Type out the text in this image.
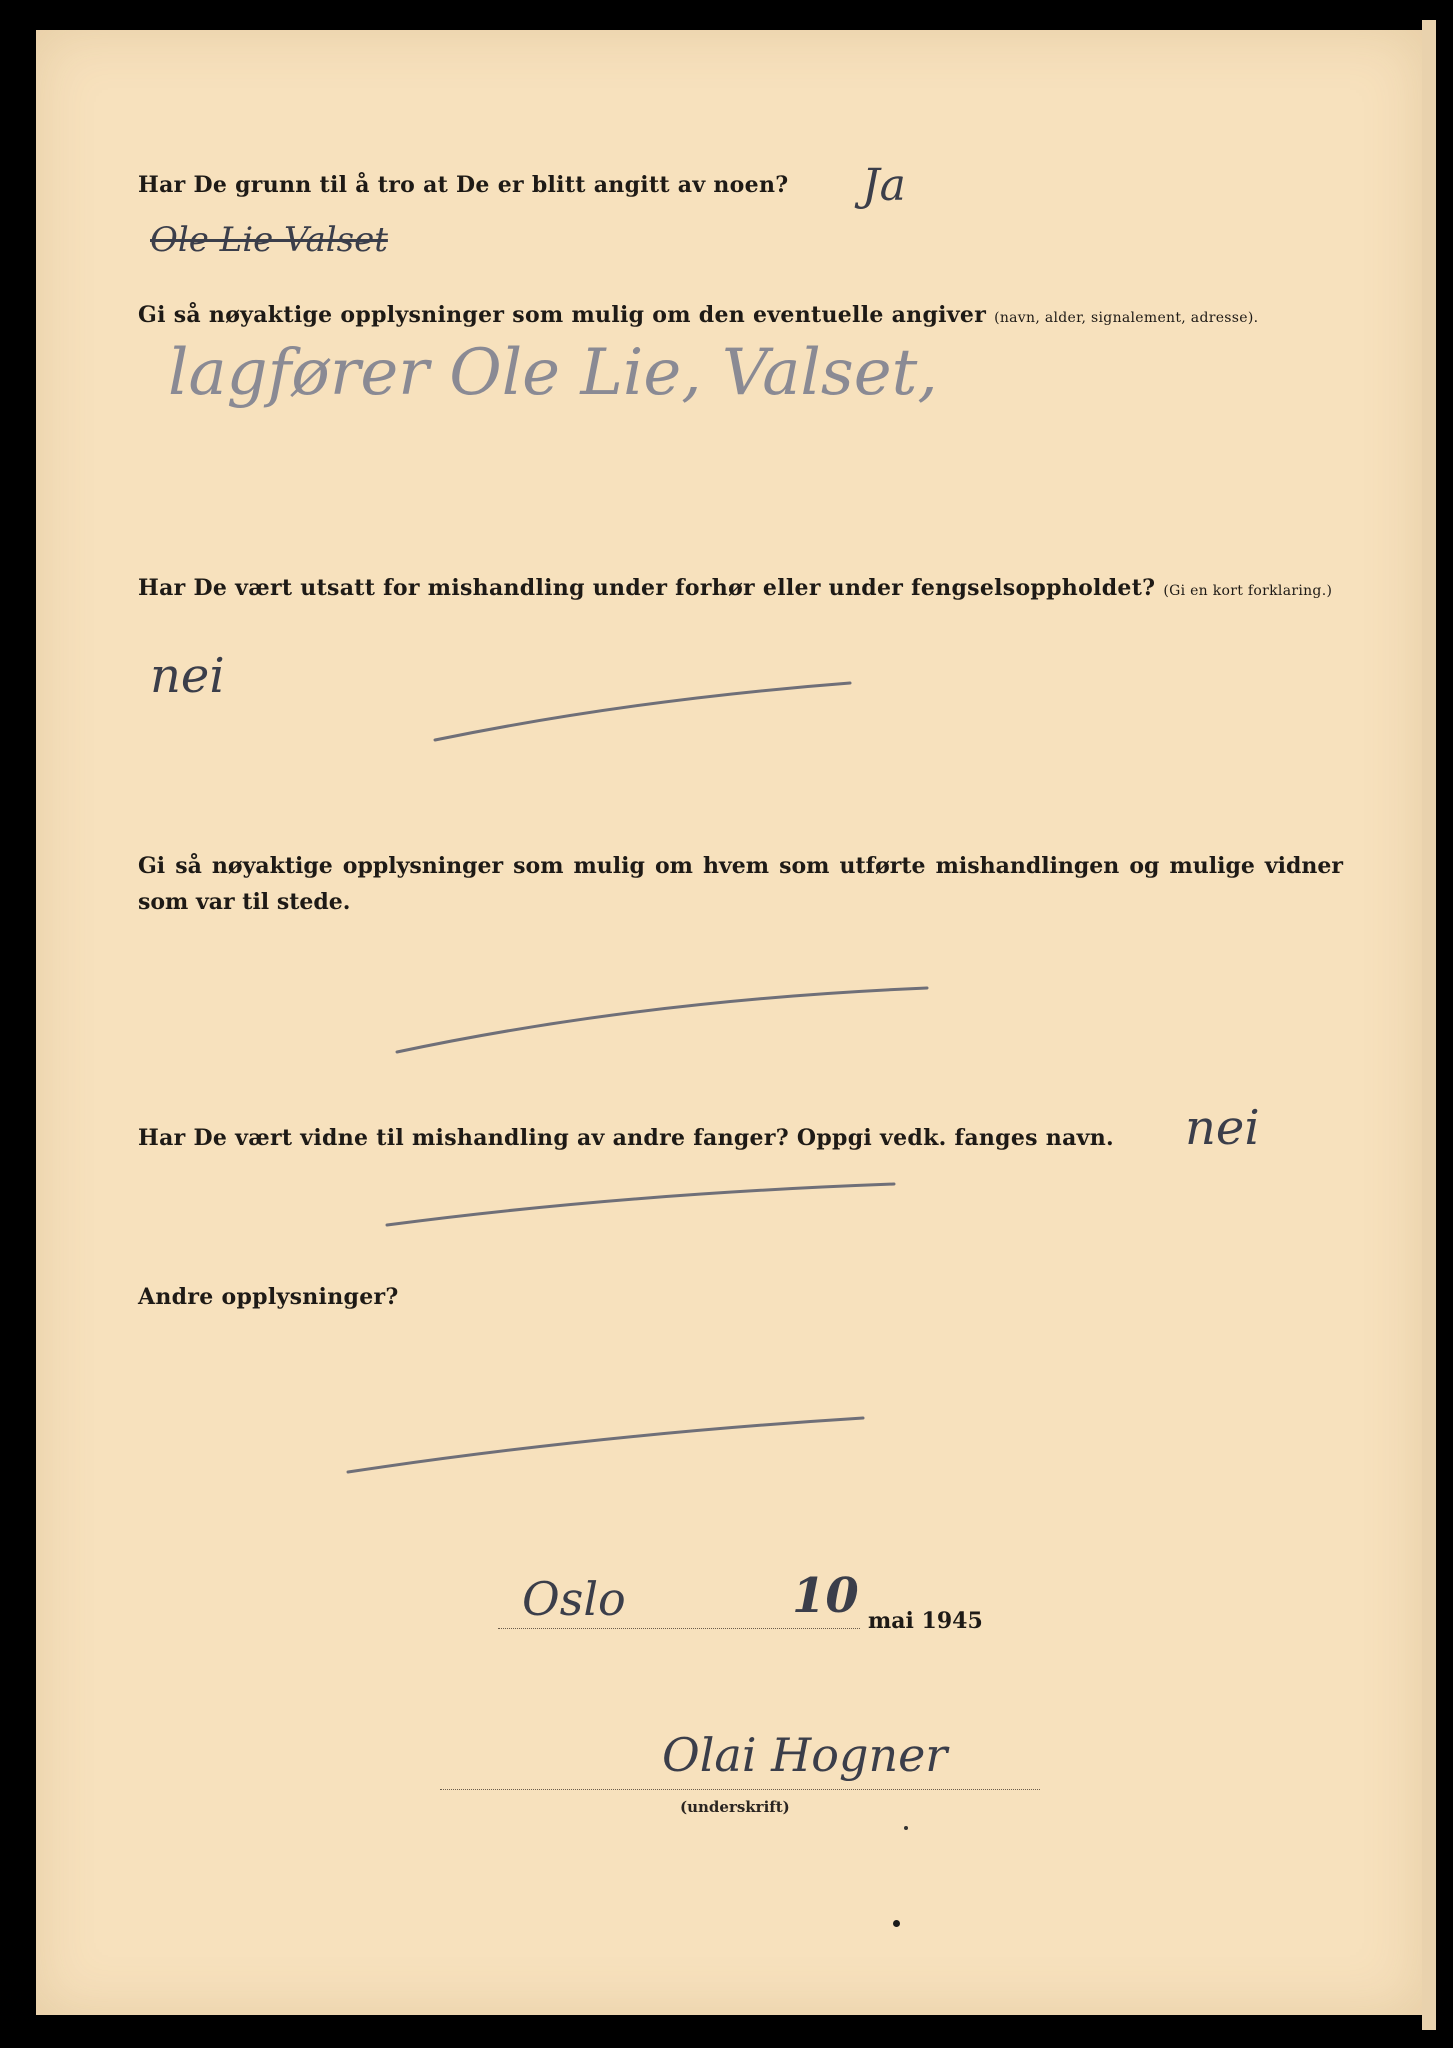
Har De grunn til å tro at De er blitt angitt av noen? Ja
Ole Lie Valset
Gi så nøyaktige opplysninger som mulig om den eventuelle angiver (navn, alder, signalement, adresse).
lagfører Ole Lie, Valset,
Har De vært utsatt for mishandling under forhør eller under fengselsoppholdet? (Gi en kort forklaring.)
nei
Gi så nøyaktige opplysninger som mulig om hvem som utførte mishandlingen og mulige vidner som var til stede.
Har De vært vidne til mishandling av andre fanger? Oppgi vedk. fanges navn. nei
Andre opplysninger?
Oslo	10 mai 1945
Olai Hogner
(underskrift)
